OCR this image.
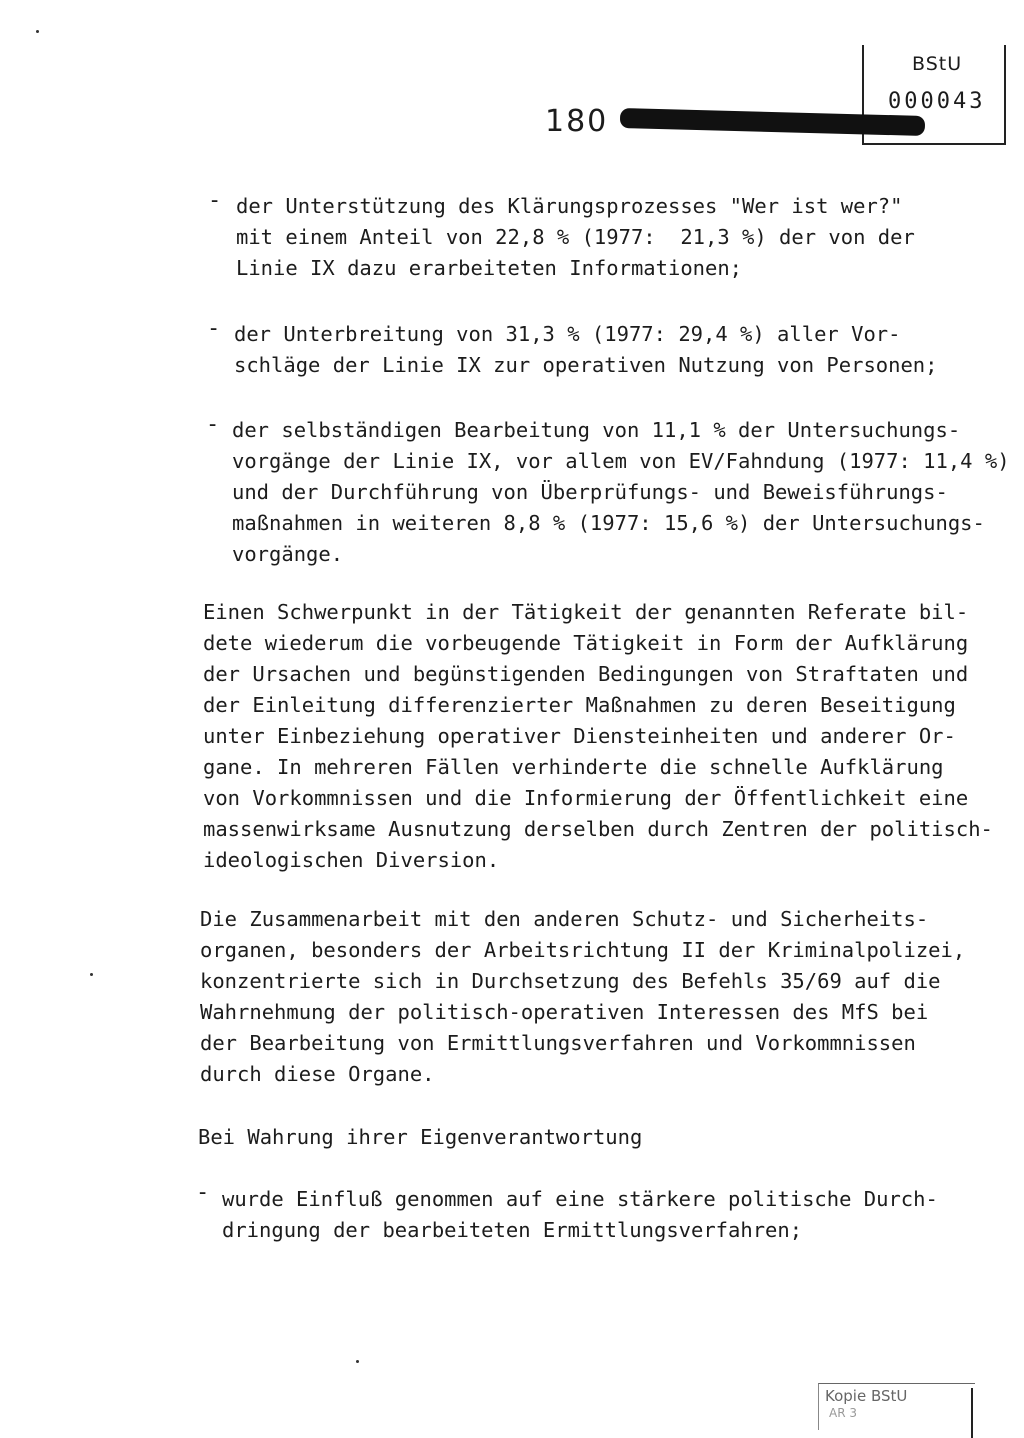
BStU
000043
180
- der Unterstützung des Klärungsprozesses "Wer ist wer?"
mit einem Anteil von 22,8 % (1977:  21,3 %) der von der
Linie IX dazu erarbeiteten Informationen;
- der Unterbreitung von 31,3 % (1977: 29,4 %) aller Vor-
schläge der Linie IX zur operativen Nutzung von Personen;
- der selbständigen Bearbeitung von 11,1 % der Untersuchungs-
vorgänge der Linie IX, vor allem von EV/Fahndung (1977: 11,4 %)
und der Durchführung von Überprüfungs- und Beweisführungs-
maßnahmen in weiteren 8,8 % (1977: 15,6 %) der Untersuchungs-
vorgänge.
Einen Schwerpunkt in der Tätigkeit der genannten Referate bil-
dete wiederum die vorbeugende Tätigkeit in Form der Aufklärung
der Ursachen und begünstigenden Bedingungen von Straftaten und
der Einleitung differenzierter Maßnahmen zu deren Beseitigung
unter Einbeziehung operativer Diensteinheiten und anderer Or-
gane. In mehreren Fällen verhinderte die schnelle Aufklärung
von Vorkommnissen und die Informierung der Öffentlichkeit eine
massenwirksame Ausnutzung derselben durch Zentren der politisch-
ideologischen Diversion.
Die Zusammenarbeit mit den anderen Schutz- und Sicherheits-
organen, besonders der Arbeitsrichtung II der Kriminalpolizei,
konzentrierte sich in Durchsetzung des Befehls 35/69 auf die
Wahrnehmung der politisch-operativen Interessen des MfS bei
der Bearbeitung von Ermittlungsverfahren und Vorkommnissen
durch diese Organe.
Bei Wahrung ihrer Eigenverantwortung
- wurde Einfluß genommen auf eine stärkere politische Durch-
dringung der bearbeiteten Ermittlungsverfahren;
Kopie BStU
AR 3
